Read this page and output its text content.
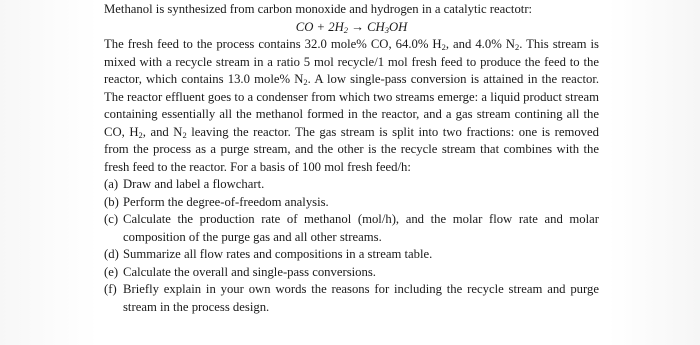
Methanol is synthesized from carbon monoxide and hydrogen in a catalytic reactotr:

CO + $2H_2 \to CH_3OH$

The fresh feed to the process contains 32.0 mole% CO, 64.0% $H_2$, and 4.0% $N_2$. This stream is mixed with a recycle stream in a ratio 5 mol recycle/1 mol fresh feed to produce the feed to the reactor, which contains 13.0 mole% $N_2$. A low single-pass conversion is attained in the reactor. The reactor effluent goes to a condenser from which two streams emerge: a liquid product stream containing essentially all the methanol formed in the reactor, and a gas stream contining all the CO, $H_2$, and $N_2$ leaving the reactor. The gas stream is split into two fractions: one is removed from the process as a purge stream, and the other is the recycle stream that combines with the fresh feed to the reactor. For a basis of 100 mol fresh feed/h:

(a) Draw and label a flowchart.
(b) Perform the degree-of-freedom analysis.
(c) Calculate the production rate of methanol (mol/h), and the molar flow rate and molar composition of the purge gas and all other streams.
(d) Summarize all flow rates and compositions in a stream table.
(e) Calculate the overall and single-pass conversions.
(f) Briefly explain in your own words the reasons for including the recycle stream and purge stream in the process design.
